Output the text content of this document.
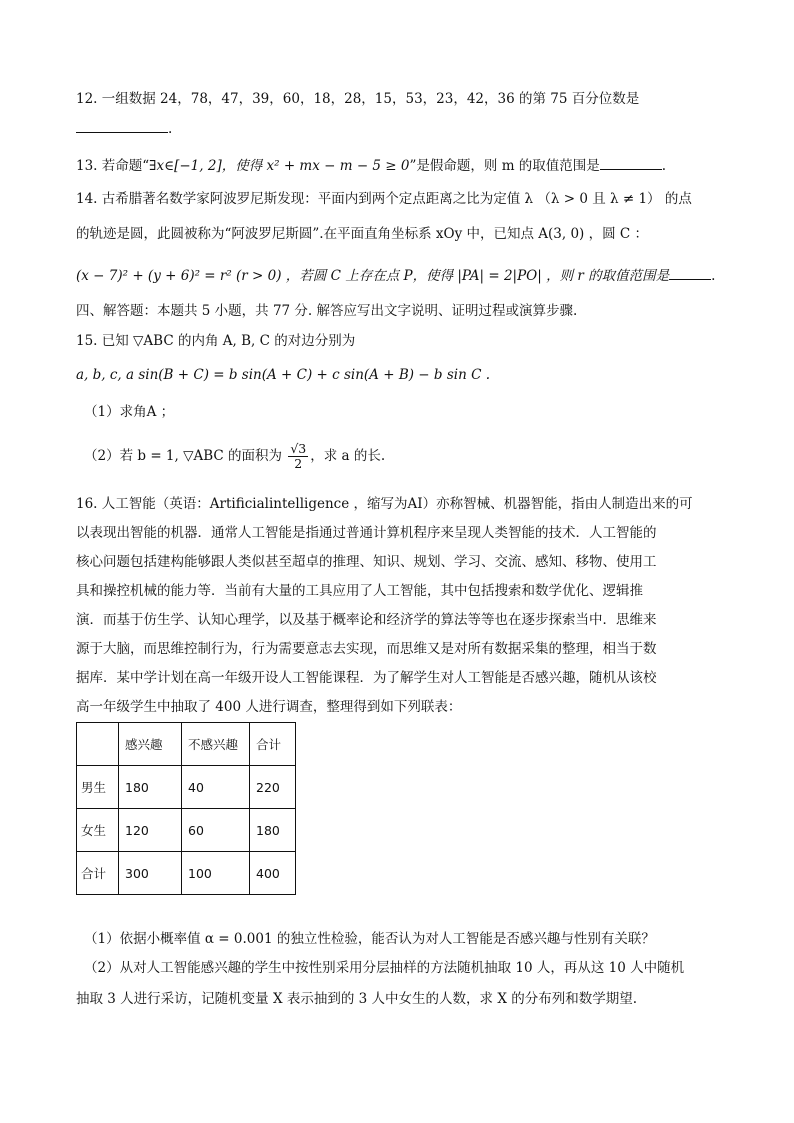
12. 一组数据 24，78，47，39，60，18，28，15，53，23，42，36 的第 75 百分位数是
.
13. 若命题“∃x∈[−1, 2]，使得 x² + mx − m − 5 ≥ 0”是假命题，则 m 的取值范围是	.
14. 古希腊著名数学家阿波罗尼斯发现：平面内到两个定点距离之比为定值 λ （λ > 0 且 λ ≠ 1） 的点
的轨迹是圆，此圆被称为“阿波罗尼斯圆”.在平面直角坐标系 xOy 中，已知点 A(3, 0) ，圆 C ：
(x − 7)² + (y + 6)² = r² (r > 0) ，若圆 C 上存在点 P，使得 |PA| = 2|PO| ，则 r 的取值范围是	.
四、解答题：本题共 5 小题，共 77 分. 解答应写出文字说明、证明过程或演算步骤.
15. 已知 ▽ABC 的内角 A, B, C 的对边分别为
a, b, c, a sin(B + C) = b sin(A + C) + c sin(A + B) − b sin C .
（1）求角A ；
（2）若 b = 1, ▽ABC 的面积为 $\frac{√3}{2}$ ，求 a 的长.
16. 人工智能（英语：Artificialintelligence ，缩写为AI）亦称智械、机器智能，指由人制造出来的可
以表现出智能的机器．通常人工智能是指通过普通计算机程序来呈现人类智能的技术．人工智能的
核心问题包括建构能够跟人类似甚至超卓的推理、知识、规划、学习、交流、感知、移物、使用工
具和操控机械的能力等．当前有大量的工具应用了人工智能，其中包括搜索和数学优化、逻辑推
演．而基于仿生学、认知心理学，以及基于概率论和经济学的算法等等也在逐步探索当中．思维来
源于大脑，而思维控制行为，行为需要意志去实现，而思维又是对所有数据采集的整理，相当于数
据库．某中学计划在高一年级开设人工智能课程．为了解学生对人工智能是否感兴趣，随机从该校
高一年级学生中抽取了 400 人进行调查，整理得到如下列联表：
	感兴趣	不感兴趣	合计
男生	180	40	220
女生	120	60	180
合计	300	100	400
（1）依据小概率值 α = 0.001 的独立性检验，能否认为对人工智能是否感兴趣与性别有关联？
（2）从对人工智能感兴趣的学生中按性别采用分层抽样的方法随机抽取 10 人，再从这 10 人中随机
抽取 3 人进行采访，记随机变量 X 表示抽到的 3 人中女生的人数，求 X 的分布列和数学期望.
